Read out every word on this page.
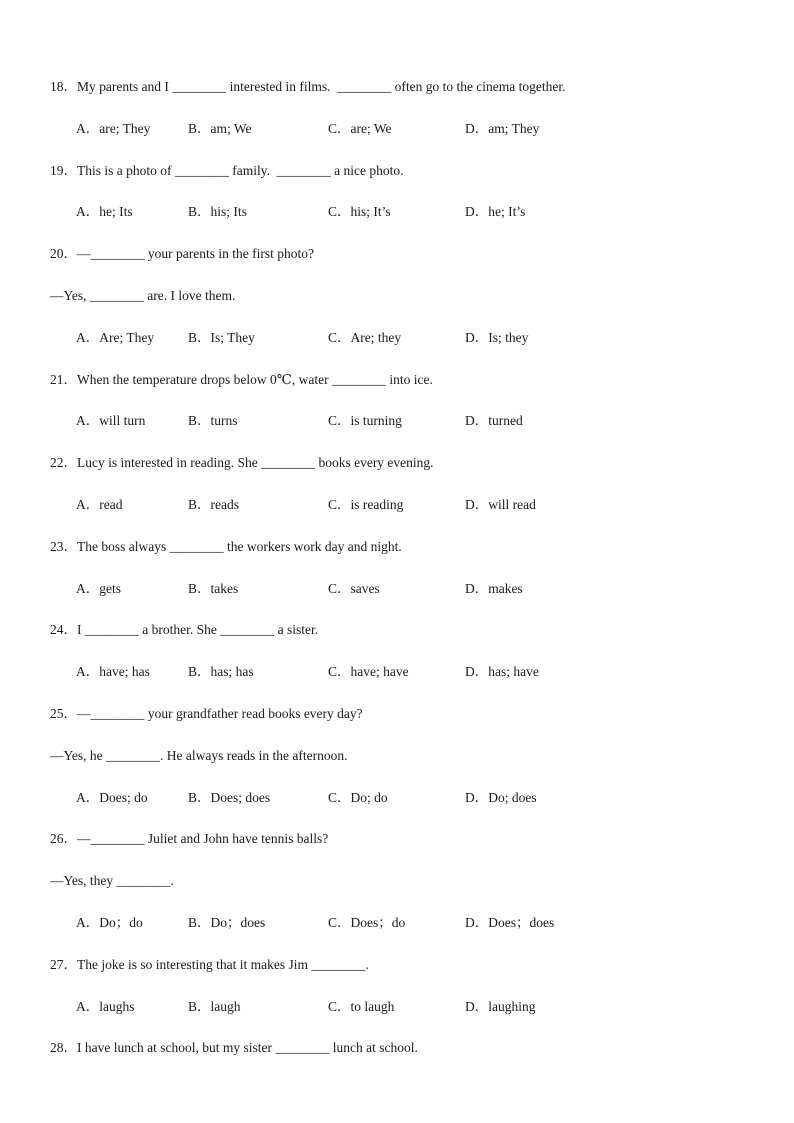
18．My parents and I ________ interested in films.  ________ often go to the cinema together.
A．are; They	B．am; We	C．are; We	D．am; They
19．This is a photo of ________ family.  ________ a nice photo.
A．he; Its	B．his; Its	C．his; It’s	D．he; It’s
20．—________ your parents in the first photo?
—Yes, ________ are. I love them.
A．Are; They	B．Is; They	C．Are; they	D．Is; they
21．When the temperature drops below 0℃, water ________ into ice.
A．will turn	B．turns	C．is turning	D．turned
22．Lucy is interested in reading. She ________ books every evening.
A．read	B．reads	C．is reading	D．will read
23．The boss always ________ the workers work day and night.
A．gets	B．takes	C．saves	D．makes
24．I ________ a brother. She ________ a sister.
A．have; has	B．has; has	C．have; have	D．has; have
25．—________ your grandfather read books every day?
—Yes, he ________. He always reads in the afternoon.
A．Does; do	B．Does; does	C．Do; do	D．Do; does
26．—________ Juliet and John have tennis balls?
—Yes, they ________.
A．Do；do	B．Do；does	C．Does；do	D．Does；does
27．The joke is so interesting that it makes Jim ________.
A．laughs	B．laugh	C．to laugh	D．laughing
28．I have lunch at school, but my sister ________ lunch at school.
